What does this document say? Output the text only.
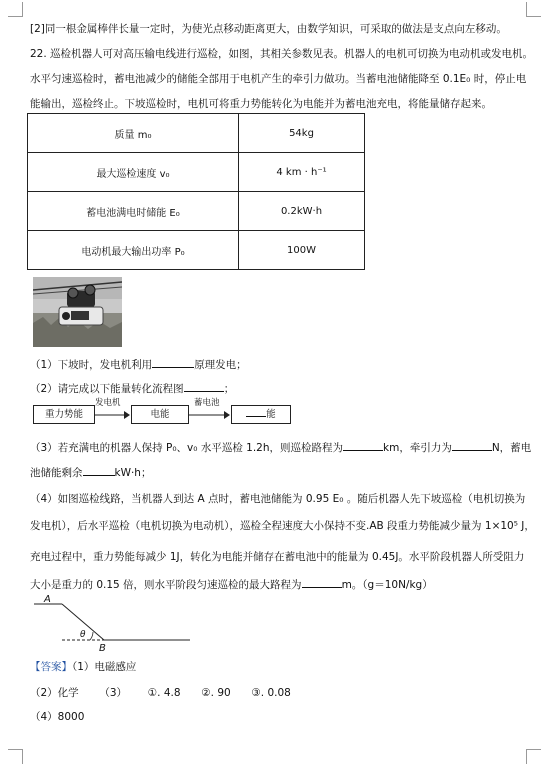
[2]同一根金属棒伴长量一定时，为使光点移动距离更大，由数学知识，可采取的做法是支点向左移动。
22. 巡检机器人可对高压输电线进行巡检，如图，其相关参数见表。机器人的电机可切换为电动机或发电机。
水平匀速巡检时，蓄电池减少的储能全部用于电机产生的牵引力做功。当蓄电池储能降至 0.1E₀ 时，停止电
能输出，巡检终止。下坡巡检时，电机可将重力势能转化为电能并为蓄电池充电，将能量储存起来。
质量 m₀	54kg
最大巡检速度 v₀	4 km · h⁻¹
蓄电池满电时储能 E₀	0.2kW·h
电动机最大输出功率 P₀	100W
（1）下坡时，发电机利用	原理发电；
（2）请完成以下能量转化流程图	；
重力势能
发电机
电能
蓄电池
能
（3）若充满电的机器人保持 P₀、v₀ 水平巡检 1.2h，则巡检路程为	km，牵引力为	N，蓄电
池储能剩余	kW·h；
（4）如图巡检线路，当机器人到达 A 点时，蓄电池储能为 0.95 E₀ 。随后机器人先下坡巡检（电机切换为
发电机），后水平巡检（电机切换为电动机），巡检全程速度大小保持不变.AB 段重力势能减少量为 1×10⁵ J，
充电过程中，重力势能每减少 1J，转化为电能并储存在蓄电池中的能量为 0.45J。水平阶段机器人所受阻力
大小是重力的 0.15 倍，则水平阶段匀速巡检的最大路程为	m。（g＝10N/kg）
A
B
θ
【答案】（1）电磁感应
（2）化学 （3） ①. 4.8 ②. 90 ③. 0.08
（4）8000
